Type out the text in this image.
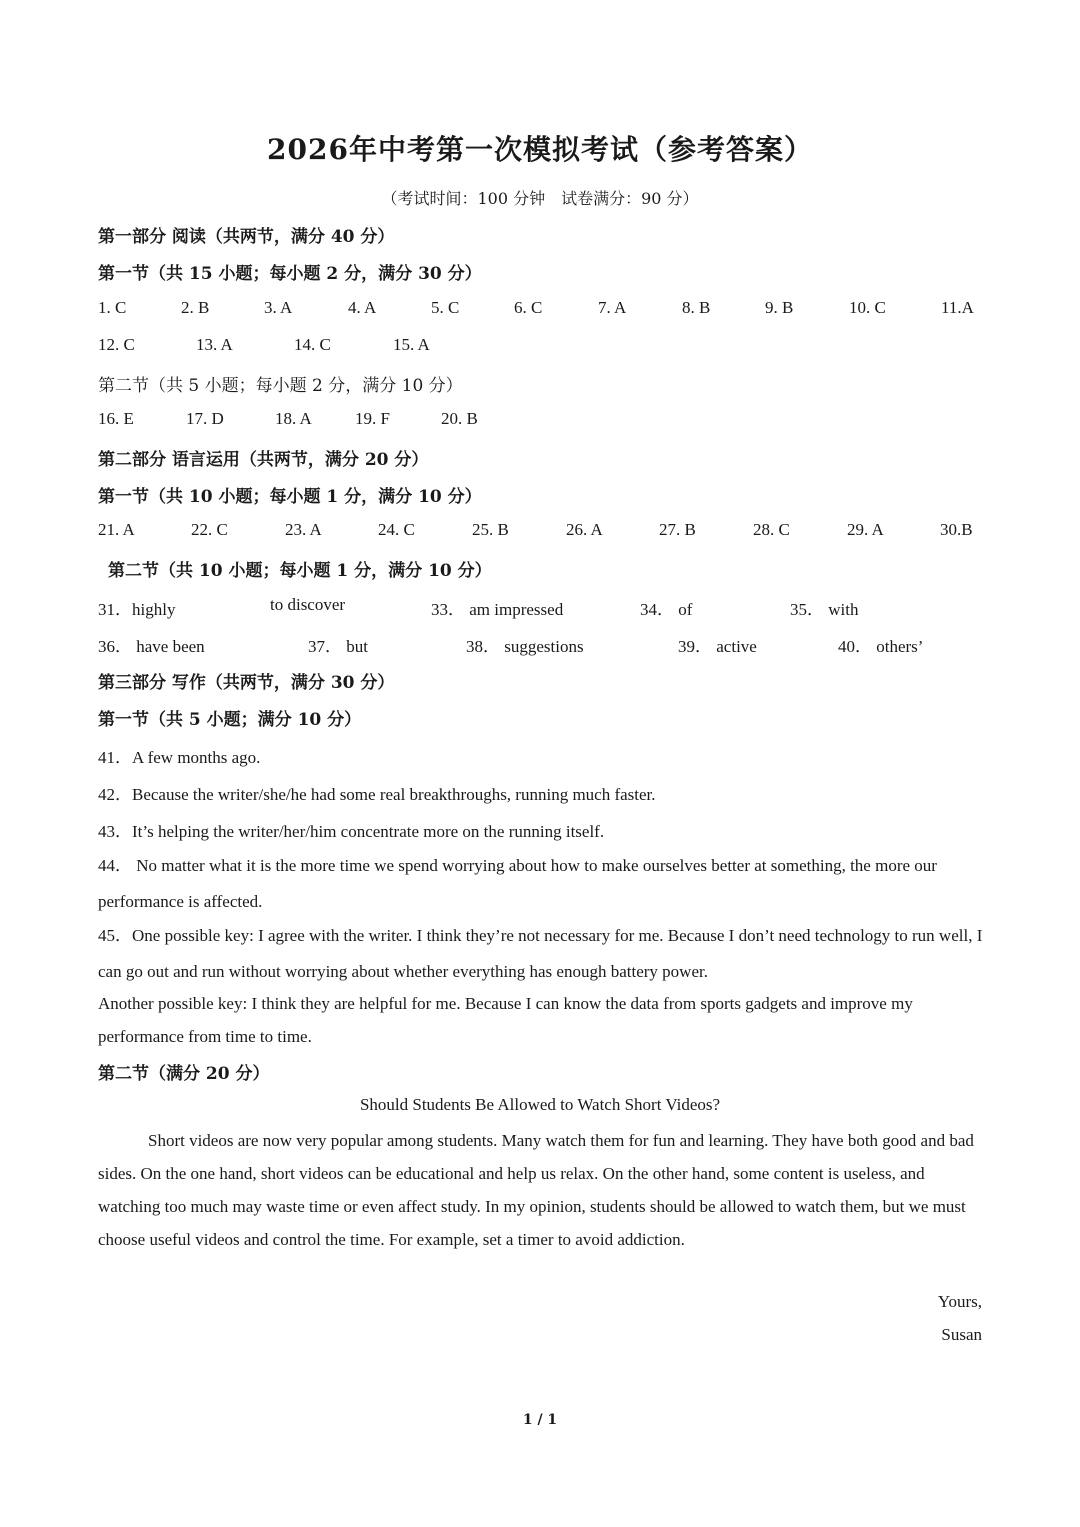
2026年中考第一次模拟考试（参考答案）
（考试时间：100 分钟　试卷满分：90 分）
第一部分 阅读（共两节，满分 40 分）
第一节（共 15 小题；每小题 2 分，满分 30 分）
1. C	2. B	3. A	4. A	5. C	6. C	7. A	8. B	9. B	10. C	11.A
12. C	13. A	14. C	15. A
第二节（共 5 小题；每小题 2 分，满分 10 分）
16. E	17. D	18. A	19. F	20. B
第二部分 语言运用（共两节，满分 20 分）
第一节（共 10 小题；每小题 1 分，满分 10 分）
21. A	22. C	23. A	24. C	25. B	26. A	27. B	28. C	29. A	30.B
第二节（共 10 小题；每小题 1 分，满分 10 分）
31．highly	to discover	33． am impressed	34． of	35． with
36． have been	37． but	38． suggestions	39． active	40． others’
第三部分 写作（共两节，满分 30 分）
第一节（共 5 小题；满分 10 分）
41．A few months ago.
42．Because the writer/she/he had some real breakthroughs, running much faster.
43．It’s helping the writer/her/him concentrate more on the running itself.
44． No matter what it is the more time we spend worrying about how to make ourselves better at something, the more our performance is affected.
45．One possible key: I agree with the writer. I think they’re not necessary for me. Because I don’t need technology to run well, I can go out and run without worrying about whether everything has enough battery power.
Another possible key: I think they are helpful for me. Because I can know the data from sports gadgets and improve my performance from time to time.
第二节（满分 20 分）
Should Students Be Allowed to Watch Short Videos?
Short videos are now very popular among students. Many watch them for fun and learning. They have both good and bad sides. On the one hand, short videos can be educational and help us relax. On the other hand, some content is useless, and watching too much may waste time or even affect study. In my opinion, students should be allowed to watch them, but we must choose useful videos and control the time. For example, set a timer to avoid addiction.
Yours,
Susan
1 / 1
